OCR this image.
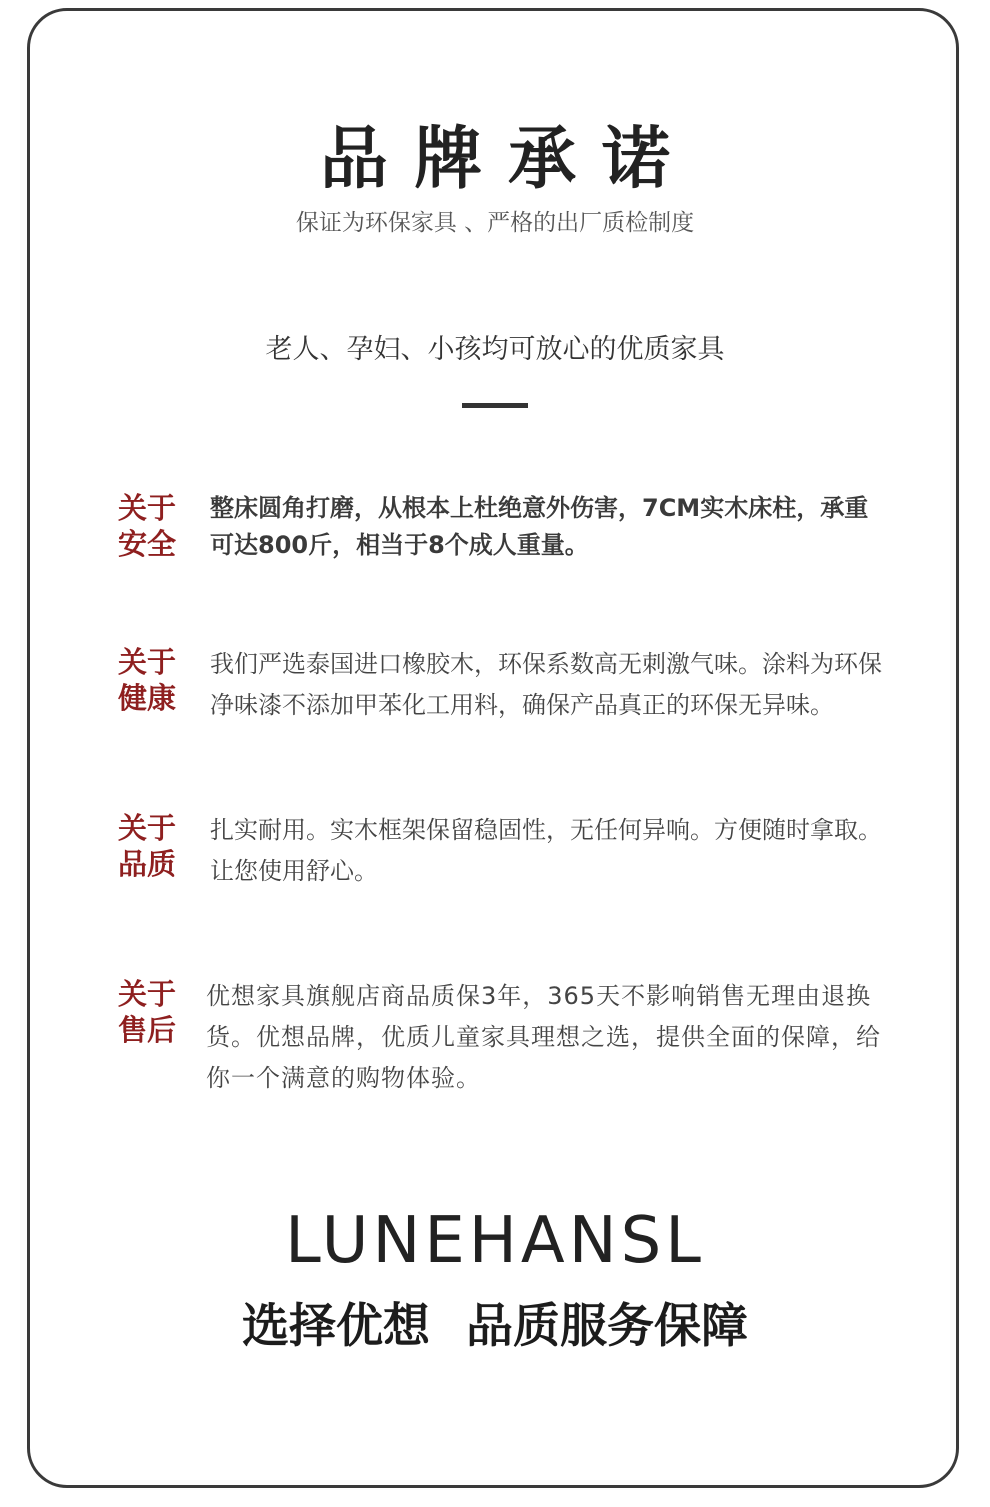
品牌承诺
保证为环保家具 、严格的出厂质检制度
老人、孕妇、小孩均可放心的优质家具
关于
安全
整床圆角打磨，从根本上杜绝意外伤害，7CM实木床柱，承重可达800斤，相当于8个成人重量。
关于
健康
我们严选泰国进口橡胶木，环保系数高无刺激气味。涂料为环保净味漆不添加甲苯化工用料，确保产品真正的环保无异味。
关于
品质
扎实耐用。实木框架保留稳固性，无任何异响。方便随时拿取。让您使用舒心。
关于
售后
优想家具旗舰店商品质保3年，365天不影响销售无理由退换货。优想品牌，优质儿童家具理想之选，提供全面的保障，给你一个满意的购物体验。
LUNEHANSL
选择优想 品质服务保障
